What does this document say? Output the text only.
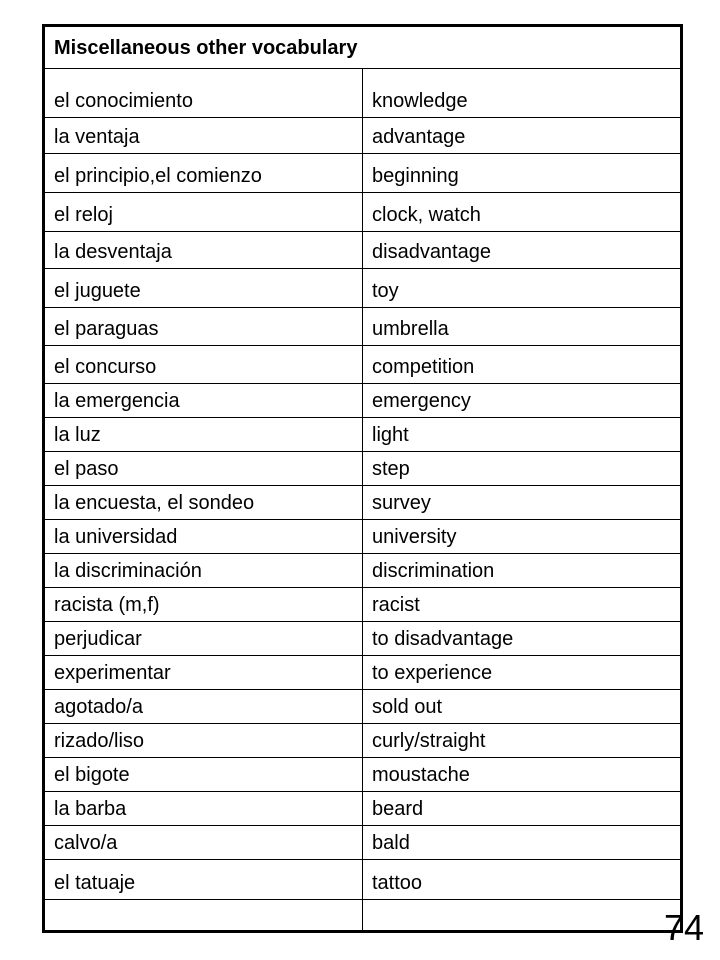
Miscellaneous other vocabulary	
el conocimiento	knowledge
la ventaja	advantage
el principio,el comienzo	beginning
el reloj	clock, watch
la desventaja	disadvantage
el juguete	toy
el paraguas	umbrella
el concurso	competition
la emergencia	emergency
la luz	light
el paso	step
la encuesta, el sondeo	survey
la universidad	university
la discriminación	discrimination
racista (m,f)	racist
perjudicar	to disadvantage
experimentar	to experience
agotado/a	sold out
rizado/liso	curly/straight
el bigote	moustache
la barba	beard
calvo/a	bald
el tatuaje	tattoo

74
